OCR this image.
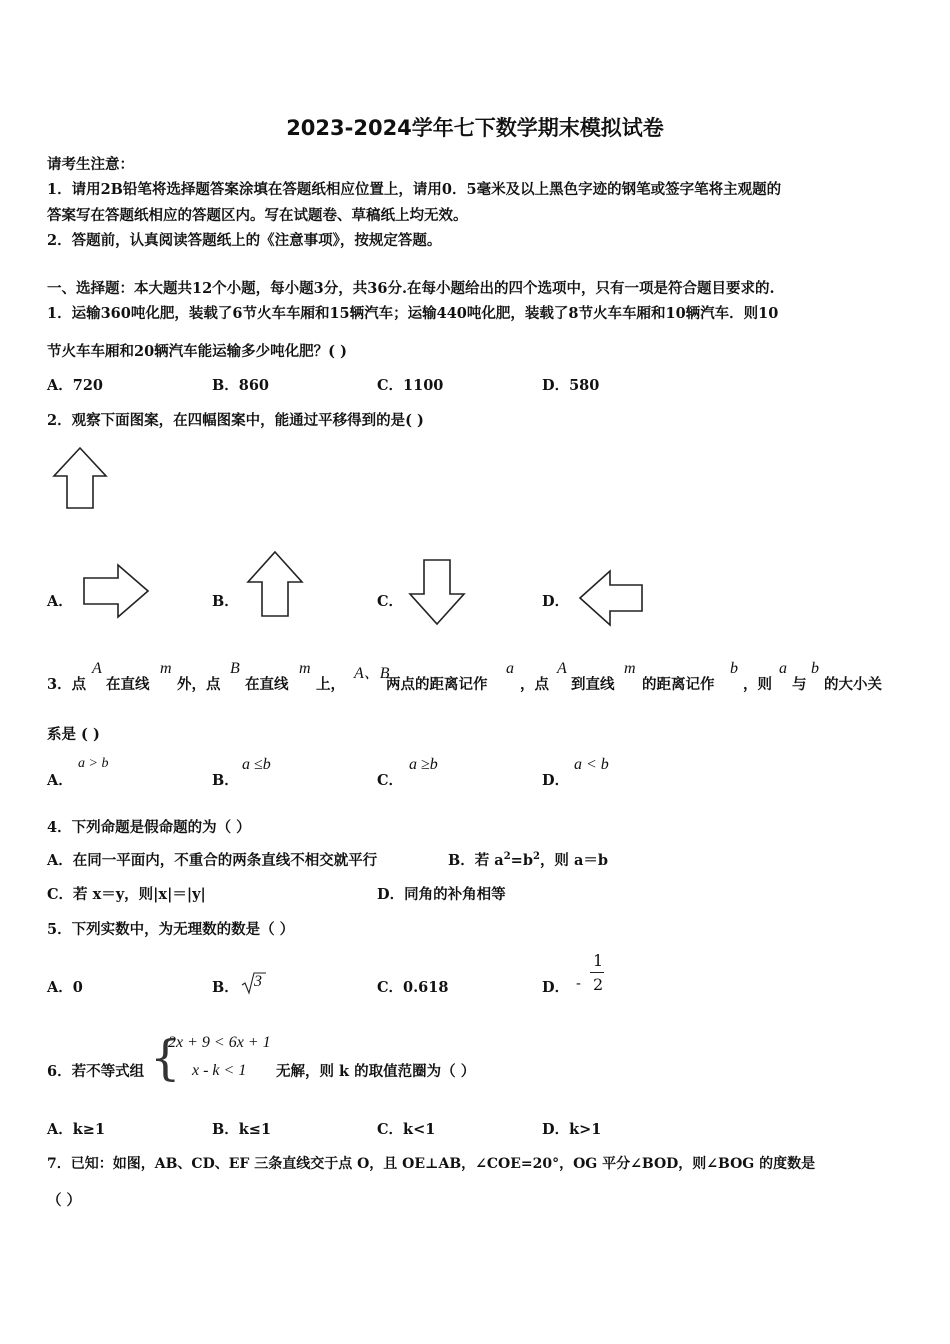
2023-2024学年七下数学期末模拟试卷
请考生注意：
1．请用2B铅笔将选择题答案涂填在答题纸相应位置上，请用0．5毫米及以上黑色字迹的钢笔或签字笔将主观题的
答案写在答题纸相应的答题区内。写在试题卷、草稿纸上均无效。
2．答题前，认真阅读答题纸上的《注意事项》，按规定答题。
一、选择题：本大题共12个小题，每小题3分，共36分.在每小题给出的四个选项中，只有一项是符合题目要求的.
1．运输360吨化肥，装载了6节火车车厢和15辆汽车；运输440吨化肥，装载了8节火车车厢和10辆汽车．则10
节火车车厢和20辆汽车能运输多少吨化肥？( )
A．720	B．860	C．1100	D．580
2．观察下面图案，在四幅图案中，能通过平移得到的是( )
A．	B．	C．	D．
3．点
A
在直线
m
外，点
B
在直线
m
上，
A、B
两点的距离记作
a
，点
A
到直线
m
的距离记作
b
，则
a
与
b
的大小关
系是 ( )
A．
a > b
B．
a ≤b
C．
a ≥b
D．
a < b
4．下列命题是假命题的为（ ）
A．在同一平面内，不重合的两条直线不相交就平行	B．若 $a^2=b^2$，则 a＝b
C．若 x＝y，则|x|＝|y|	D．同角的补角相等
5．下列实数中，为无理数的数是（ ）
A．0	B． 3	C．0.618	D． -
1
2
6．若不等式组 {
2x + 9 < 6x + 1
x - k < 1 无解，则 k 的取值范圈为（ ）
A．k≥1	B．k≤1	C．k<1	D．k>1
7．已知：如图，AB、CD、EF 三条直线交于点 O，且 OE⊥AB，∠COE=20°，OG 平分∠BOD，则∠BOG 的度数是
（ ）
